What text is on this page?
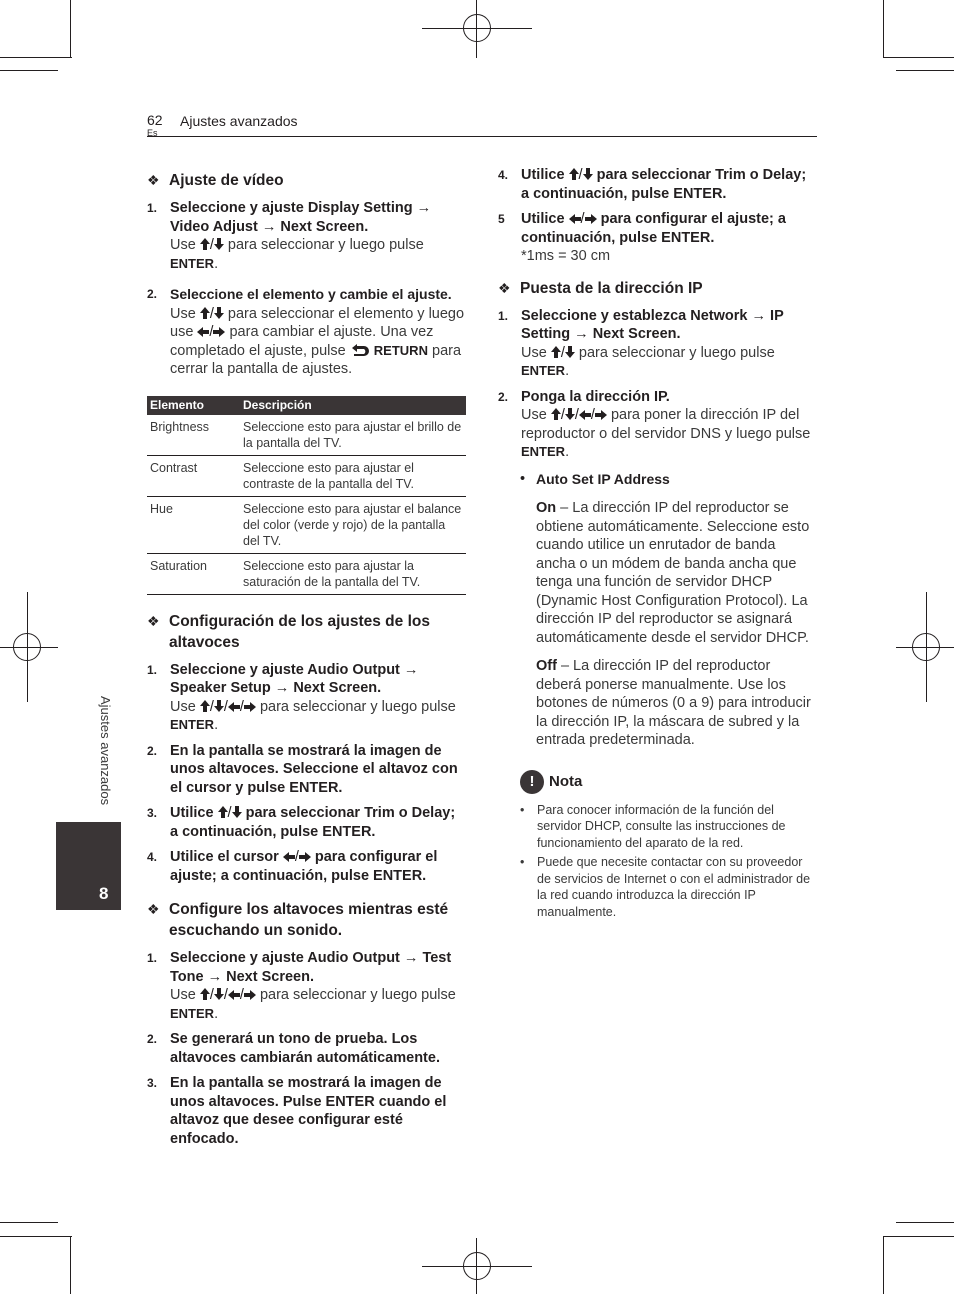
62
Es
Ajustes avanzados
Ajustes avanzados
8
❖ Ajuste de vídeo
1. Seleccione y ajuste Display Setting → Video Adjust → Next Screen.
Use / para seleccionar y luego pulse ENTER.
2. Seleccione el elemento y cambie el ajuste.
Use / para seleccionar el elemento y luego use / para cambiar el ajuste. Una vez completado el ajuste, pulse RETURN para cerrar la pantalla de ajustes.
Elemento	Descripción
Brightness	Seleccione esto para ajustar el brillo de la pantalla del TV.
Contrast	Seleccione esto para ajustar el contraste de la pantalla del TV.
Hue	Seleccione esto para ajustar el balance del color (verde y rojo) de la pantalla del TV.
Saturation	Seleccione esto para ajustar la saturación de la pantalla del TV.
❖ Configuración de los ajustes de los altavoces
1. Seleccione y ajuste Audio Output → Speaker Setup → Next Screen.
Use / / / para seleccionar y luego pulse ENTER.
2. En la pantalla se mostrará la imagen de unos altavoces. Seleccione el altavoz con el cursor y pulse ENTER.
3. Utilice / para seleccionar Trim o Delay; a continuación, pulse ENTER.
4. Utilice el cursor / para configurar el ajuste; a continuación, pulse ENTER.
❖ Configure los altavoces mientras esté escuchando un sonido.
1. Seleccione y ajuste Audio Output → Test Tone → Next Screen.
Use / / / para seleccionar y luego pulse ENTER.
2. Se generará un tono de prueba. Los altavoces cambiarán automáticamente.
3. En la pantalla se mostrará la imagen de unos altavoces. Pulse ENTER cuando el altavoz que desee configurar esté enfocado.
4. Utilice / para seleccionar Trim o Delay; a continuación, pulse ENTER.
5 Utilice / para configurar el ajuste; a continuación, pulse ENTER.
*1ms = 30 cm
❖ Puesta de la dirección IP
1. Seleccione y establezca Network → IP Setting → Next Screen.
Use / para seleccionar y luego pulse ENTER.
2. Ponga la dirección IP.
Use / / / para poner la dirección IP del reproductor o del servidor DNS y luego pulse ENTER.
• Auto Set IP Address
On – La dirección IP del reproductor se obtiene automáticamente. Seleccione esto cuando utilice un enrutador de banda ancha o un módem de banda ancha que tenga una función de servidor DHCP (Dynamic Host Configuration Protocol). La dirección IP del reproductor se asignará automáticamente desde el servidor DHCP.
Off – La dirección IP del reproductor deberá ponerse manualmente. Use los botones de números (0 a 9) para introducir la dirección IP, la máscara de subred y la entrada predeterminada.
! Nota
• Para conocer información de la función del servidor DHCP, consulte las instrucciones de funcionamiento del aparato de la red.
• Puede que necesite contactar con su proveedor de servicios de Internet o con el administrador de la red cuando introduzca la dirección IP manualmente.
